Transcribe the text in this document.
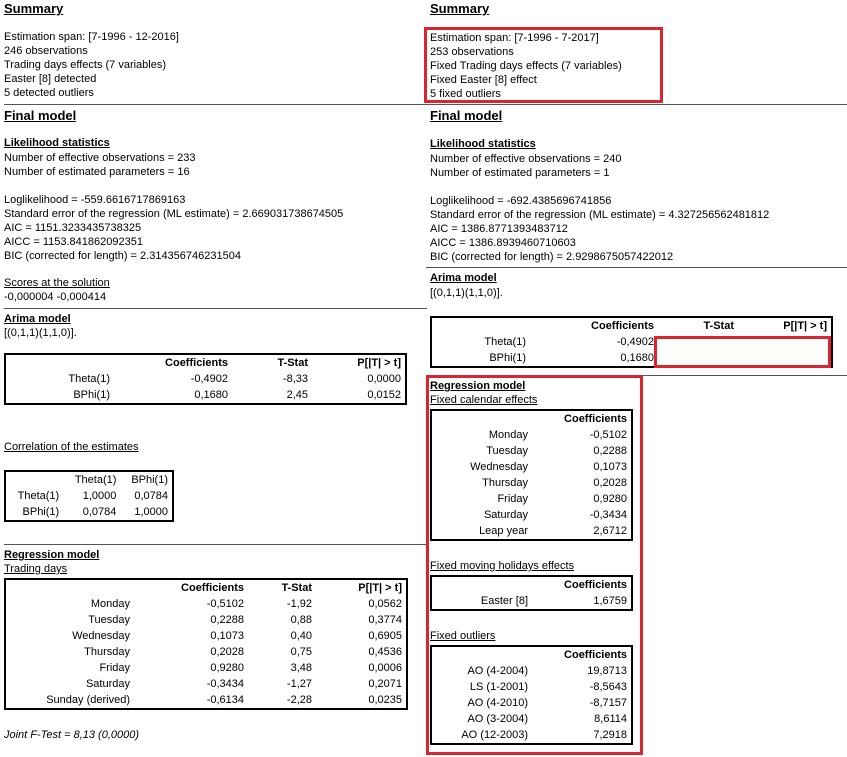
Summary
Estimation span: [7-1996 - 12-2016]
246 observations
Trading days effects (7 variables)
Easter [8] detected
5 detected outliers
Final model
Likelihood statistics
Number of effective observations = 233
Number of estimated parameters = 16
Loglikelihood = -559.6616717869163
Standard error of the regression (ML estimate) = 2.669031738674505
AIC = 1151.3233435738325
AICC = 1153.841862092351
BIC (corrected for length) = 2.314356746231504
Scores at the solution
-0,000004 -0,000414
Arima model
[(0,1,1)(1,1,0)].
	Coefficients	T-Stat	P[|T| > t]
Theta(1)	-0,4902	-8,33	0,0000
BPhi(1)	0,1680	2,45	0,0152
Correlation of the estimates
	Theta(1)	BPhi(1)
Theta(1)	1,0000	0,0784
BPhi(1)	0,0784	1,0000
Regression model
Trading days
	Coefficients	T-Stat	P[|T| > t]
Monday	-0,5102	-1,92	0,0562
Tuesday	0,2288	0,88	0,3774
Wednesday	0,1073	0,40	0,6905
Thursday	0,2028	0,75	0,4536
Friday	0,9280	3,48	0,0006
Saturday	-0,3434	-1,27	0,2071
Sunday (derived)	-0,6134	-2,28	0,0235
Joint F-Test = 8,13 (0,0000)
Summary
Estimation span: [7-1996 - 7-2017]
253 observations
Fixed Trading days effects (7 variables)
Fixed Easter [8] effect
5 fixed outliers
Final model
Likelihood statistics
Number of effective observations = 240
Number of estimated parameters = 1
Loglikelihood = -692.4385696741856
Standard error of the regression (ML estimate) = 4.327256562481812
AIC = 1386.8771393483712
AICC = 1386.8939460710603
BIC (corrected for length) = 2.9298675057422012
Arima model
[(0,1,1)(1,1,0)].
	Coefficients	T-Stat	P[|T| > t]
Theta(1)	-0,4902		
BPhi(1)	0,1680		
Regression model
Fixed calendar effects
	Coefficients
Monday	-0,5102
Tuesday	0,2288
Wednesday	0,1073
Thursday	0,2028
Friday	0,9280
Saturday	-0,3434
Leap year	2,6712
Fixed moving holidays effects
	Coefficients
Easter [8]	1,6759
Fixed outliers
	Coefficients
AO (4-2004)	19,8713
LS (1-2001)	-8,5643
AO (4-2010)	-8,7157
AO (3-2004)	8,6114
AO (12-2003)	7,2918
